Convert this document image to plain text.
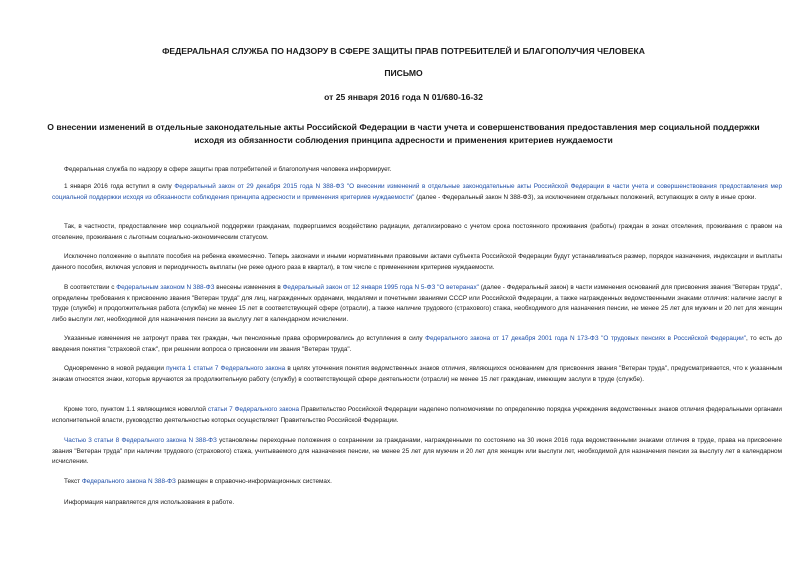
ФЕДЕРАЛЬНАЯ СЛУЖБА ПО НАДЗОРУ В СФЕРЕ ЗАЩИТЫ ПРАВ ПОТРЕБИТЕЛЕЙ И БЛАГОПОЛУЧИЯ ЧЕЛОВЕКА
ПИСЬМО
от 25 января 2016 года N 01/680-16-32
О внесении изменений в отдельные законодательные акты Российской Федерации в части учета и совершенствования предоставления мер социальной поддержки исходя из обязанности соблюдения принципа адресности и применения критериев нуждаемости

Федеральная служба по надзору в сфере защиты прав потребителей и благополучия человека информирует.

1 января 2016 года вступил в силу Федеральный закон от 29 декабря 2015 года N 388-ФЗ "О внесении изменений в отдельные законодательные акты Российской Федерации в части учета и совершенствования предоставления мер социальной поддержки исходя из обязанности соблюдения принципа адресности и применения критериев нуждаемости" (далее - Федеральный закон N 388-ФЗ), за исключением отдельных положений, вступающих в силу в иные сроки.

Так, в частности, предоставление мер социальной поддержки гражданам, подвергшимся воздействию радиации, детализировано с учетом срока постоянного проживания (работы) граждан в зонах отселения, проживания с правом на отселение, проживания с льготным социально-экономическим статусом.

Исключено положение о выплате пособия на ребенка ежемесячно. Теперь законами и иными нормативными правовыми актами субъекта Российской Федерации будут устанавливаться размер, порядок назначения, индексации и выплаты данного пособия, включая условия и периодичность выплаты (не реже одного раза в квартал), в том числе с применением критериев нуждаемости.

В соответствии с Федеральным законом N 388-ФЗ внесены изменения в Федеральный закон от 12 января 1995 года N 5-ФЗ "О ветеранах" (далее - Федеральный закон) в части изменения оснований для присвоения звания "Ветеран труда", определены требования к присвоению звания "Ветеран труда" для лиц, награжденных орденами, медалями и почетными званиями СССР или Российской Федерации, а также награжденных ведомственными знаками отличия: наличие заслуг в труде (службе) и продолжительная работа (служба) не менее 15 лет в соответствующей сфере (отрасли), а также наличие трудового (страхового) стажа, необходимого для назначения пенсии, не менее 25 лет для мужчин и 20 лет для женщин либо выслуги лет, необходимой для назначения пенсии за выслугу лет в календарном исчислении.

Указанные изменения не затронут права тех граждан, чьи пенсионные права сформировались до вступления в силу Федерального закона от 17 декабря 2001 года N 173-ФЗ "О трудовых пенсиях в Российской Федерации", то есть до введения понятия "страховой стаж", при решении вопроса о присвоении им звания "Ветеран труда".

Одновременно в новой редакции пункта 1 статьи 7 Федерального закона в целях уточнения понятия ведомственных знаков отличия, являющихся основанием для присвоения звания "Ветеран труда", предусматривается, что к указанным знакам относятся знаки, которые вручаются за продолжительную работу (службу) в соответствующей сфере деятельности (отрасли) не менее 15 лет гражданам, имеющим заслуги в труде (службе).

Кроме того, пунктом 1.1 являющимся новеллой статьи 7 Федерального закона Правительство Российской Федерации наделено полномочиями по определению порядка учреждения ведомственных знаков отличия федеральными органами исполнительной власти, руководство деятельностью которых осуществляет Правительство Российской Федерации.

Частью 3 статьи 8 Федерального закона N 388-ФЗ установлены переходные положения о сохранении за гражданами, награжденными по состоянию на 30 июня 2016 года ведомственными знаками отличия в труде, права на присвоение звания "Ветеран труда" при наличии трудового (страхового) стажа, учитываемого для назначения пенсии, не менее 25 лет для мужчин и 20 лет для женщин или выслуги лет, необходимой для назначения пенсии за выслугу лет в календарном исчислении.

Текст Федерального закона N 388-ФЗ размещен в справочно-информационных системах.

Информация направляется для использования в работе.
